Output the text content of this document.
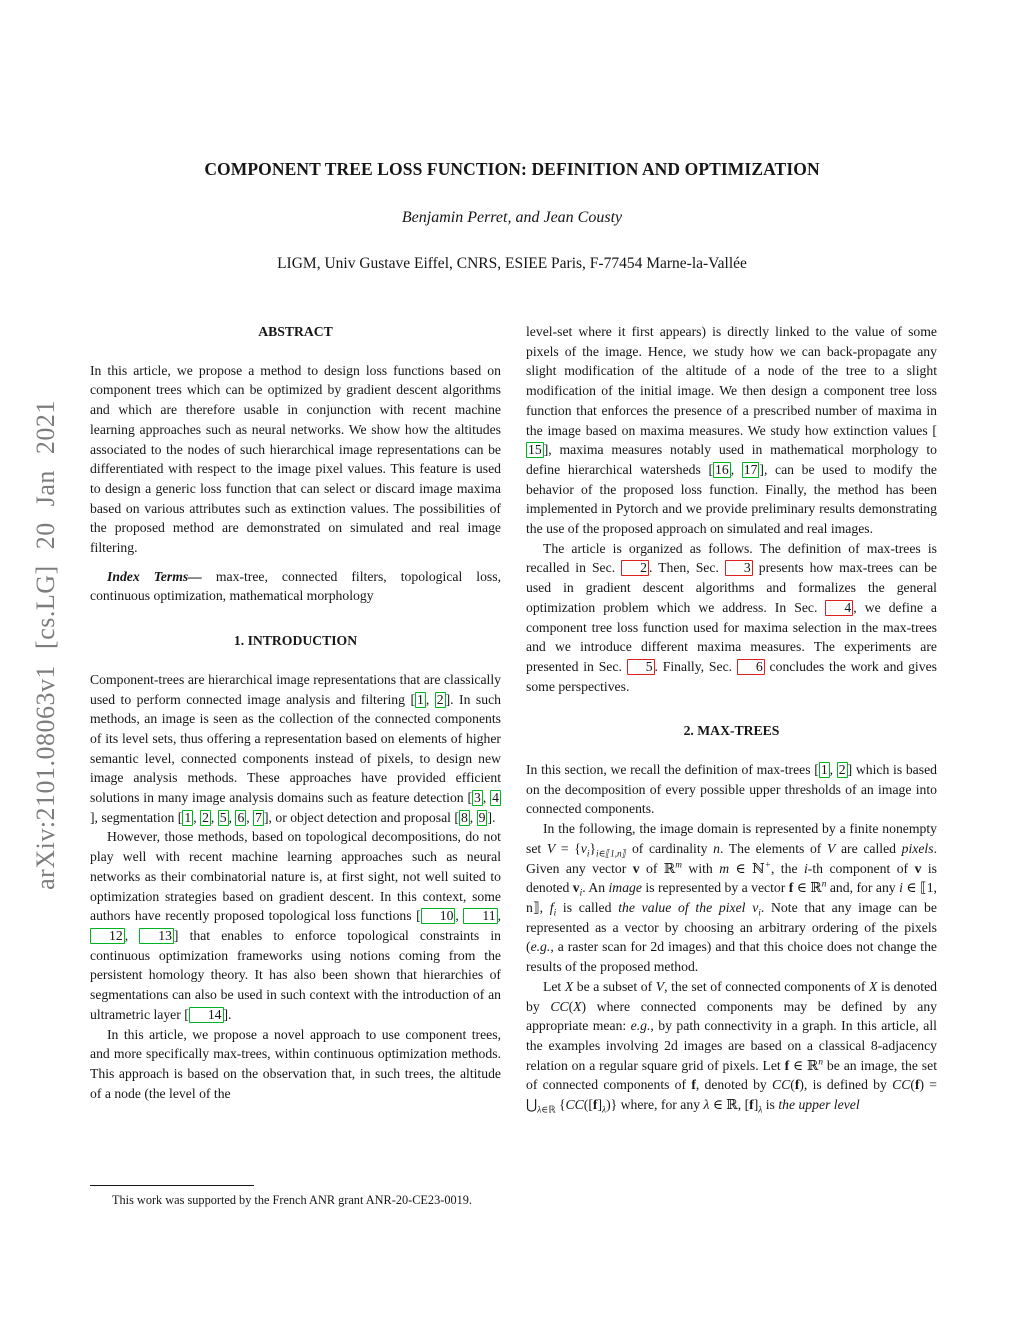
arXiv:2101.08063v1 [cs.LG] 20 Jan 2021
COMPONENT TREE LOSS FUNCTION: DEFINITION AND OPTIMIZATION
Benjamin Perret, and Jean Cousty
LIGM, Univ Gustave Eiffel, CNRS, ESIEE Paris, F-77454 Marne-la-Vallée
ABSTRACT
In this article, we propose a method to design loss functions based on component trees which can be optimized by gradient descent algorithms and which are therefore usable in conjunction with recent machine learning approaches such as neural networks. We show how the altitudes associated to the nodes of such hierarchical image representations can be differentiated with respect to the image pixel values. This feature is used to design a generic loss function that can select or discard image maxima based on various attributes such as extinction values. The possibilities of the proposed method are demonstrated on simulated and real image filtering.
Index Terms— max-tree, connected filters, topological loss, continuous optimization, mathematical morphology
1. INTRODUCTION
Component-trees are hierarchical image representations that are classically used to perform connected image analysis and filtering [ 1 , 2 ]. In such methods, an image is seen as the collection of the connected components of its level sets, thus offering a representation based on elements of higher semantic level, connected components instead of pixels, to design new image analysis methods. These approaches have provided efficient solutions in many image analysis domains such as feature detection [ 3 , 4], segmentation [ 1 , 2 , 5 , 6 , 7 ], or object detection and proposal [ 8 , 9 ].
However, those methods, based on topological decompositions, do not play well with recent machine learning approaches such as neural networks as their combinatorial nature is, at first sight, not well suited to optimization strategies based on gradient descent. In this context, some authors have recently proposed topological loss functions [ 10 , 11 , 12 , 13 ] that enables to enforce topological constraints in continuous optimization frameworks using notions coming from the persistent homology theory. It has also been shown that hierarchies of segmentations can also be used in such context with the introduction of an ultrametric layer [ 14 ].
In this article, we propose a novel approach to use component trees, and more specifically max-trees, within continuous optimization methods. This approach is based on the observation that, in such trees, the altitude of a node (the level of the
level-set where it first appears) is directly linked to the value of some pixels of the image. Hence, we study how we can back-propagate any slight modification of the altitude of a node of the tree to a slight modification of the initial image. We then design a component tree loss function that enforces the presence of a prescribed number of maxima in the image based on maxima measures. We study how extinction values [15 ], maxima measures notably used in mathematical morphology to define hierarchical watersheds [ 16 , 17 ], can be used to modify the behavior of the proposed loss function. Finally, the method has been implemented in Pytorch and we provide preliminary results demonstrating the use of the proposed approach on simulated and real images.
The article is organized as follows. The definition of max-trees is recalled in Sec. 2 . Then, Sec. 3 presents how max-trees can be used in gradient descent algorithms and formalizes the general optimization problem which we address. In Sec. 4 , we define a component tree loss function used for maxima selection in the max-trees and we introduce different maxima measures. The experiments are presented in Sec. 5 . Finally, Sec. 6 concludes the work and gives some perspectives.
2. MAX-TREES
In this section, we recall the definition of max-trees [ 1 , 2 ] which is based on the decomposition of every possible upper thresholds of an image into connected components.
In the following, the image domain is represented by a finite nonempty set $V = \{v_i\}_{i\in⟦1,n⟧}$ of cardinality n. The elements of V are called pixels. Given any vector v of ℝ$^m$ with m ∈ ℕ+, the i-th component of v is denoted $v_i$. An image is represented by a vector f ∈ ℝ$^n$ and, for any i ∈ ⟦1, n⟧, $f_i$ is called the value of the pixel $v_i$. Note that any image can be represented as a vector by choosing an arbitrary ordering of the pixels (e.g., a raster scan for 2d images) and that this choice does not change the results of the proposed method.
Let X be a subset of V, the set of connected components of X is denoted by CC(X) where connected components may be defined by any appropriate mean: e.g., by path connectivity in a graph. In this article, all the examples involving 2d images are based on a classical 8-adjacency relation on a regular square grid of pixels. Let f ∈ ℝ$^n$ be an image, the set of connected components of f, denoted by CC(f), is defined by $CC(f) = ⋃_{\lambda\in ℝ}$ $\{CC([f]_\lambda)\}$ where, for any λ ∈ ℝ, $[f]_\lambda$ is the upper level
This work was supported by the French ANR grant ANR-20-CE23-0019.
